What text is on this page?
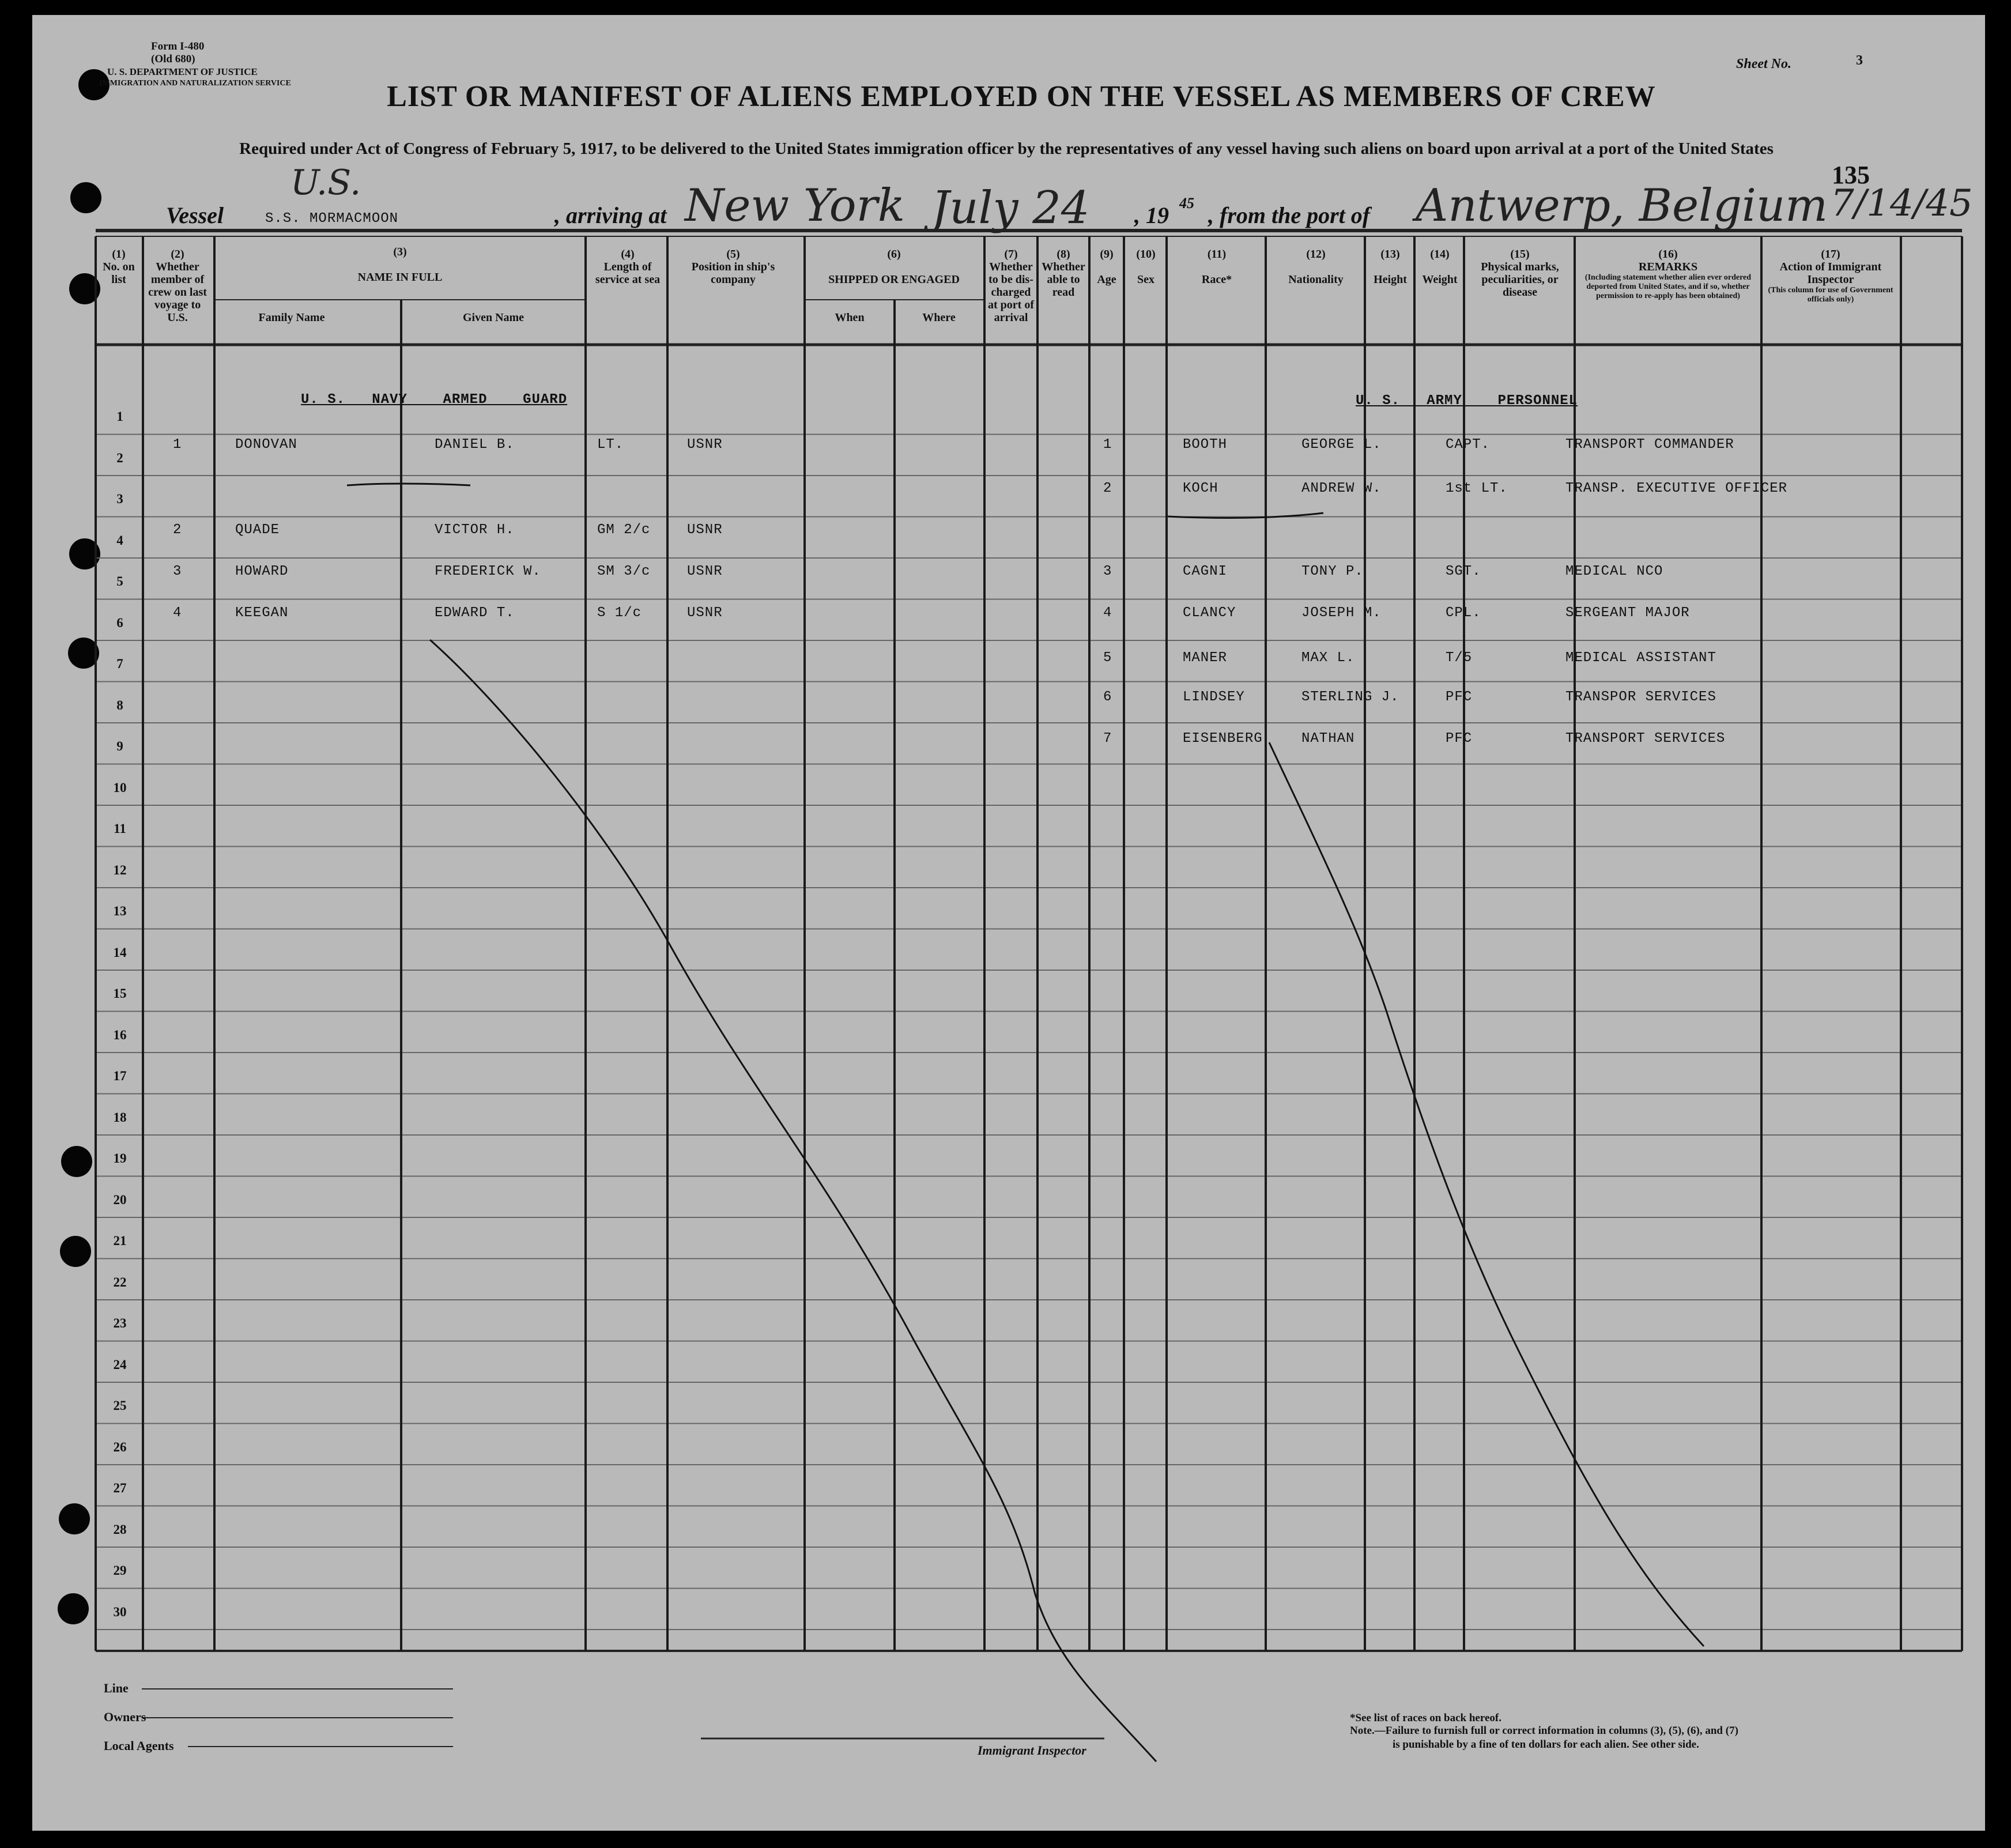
Form I-480
(Old 680)
U. S. DEPARTMENT OF JUSTICE
IMMIGRATION AND NATURALIZATION SERVICE
Sheet No.	3
LIST OR MANIFEST OF ALIENS EMPLOYED ON THE VESSEL AS MEMBERS OF CREW
Required under Act of Congress of February 5, 1917, to be delivered to the United States immigration officer by the representatives of any vessel having such aliens on board upon arrival at a port of the United States
135
Vessel
U.S.
S.S. MORMACMOON	, arriving at New York July 24 , 19 45 , from the port of Antwerp, Belgium 7/14/45
(1)
No. on list
(2)
Whether member of crew on last voyage to U.S.
(3)
NAME IN FULL
Family Name	Given Name
(4)
Length of service at sea
(5)
Position in ship's company
(6)
SHIPPED OR ENGAGED
When	Where
(7)
Whether to be dis-charged at port of arrival
(8)
Whether able to read
(9)
Age
(10)
Sex
(11)
Race*
(12)
Nationality
(13)
Height
(14)
Weight
(15)
Physical marks, peculiarities, or disease
(16)
REMARKS
(Including statement whether alien ever ordered deported from United States, and if so, whether permission to re-apply has been obtained)
(17)
Action of Immigrant Inspector
(This column for use of Government officials only)
1
2
3
4
5
6
7
8
9
10
11
12
13
14
15
16
17
18
19
20
21
22
23
24
25
26
27
28
29
30
U. S. NAVY	ARMED	GUARD	U. S. ARMY	PERSONNEL
1	DONOVAN	DANIEL B.	LT.	USNR
2	QUADE	VICTOR H.	GM 2/c	USNR
3	HOWARD	FREDERICK W.	SM 3/c	USNR
4	KEEGAN	EDWARD T.	S 1/c	USNR
1	BOOTH	GEORGE L.	CAPT.	TRANSPORT COMMANDER
2	KOCH	ANDREW W.	1st LT.	TRANSP. EXECUTIVE OFFICER
3	CAGNI	TONY P.	SGT.	MEDICAL NCO
4	CLANCY	JOSEPH M.	CPL.	SERGEANT MAJOR
5	MANER	MAX L.	T/5	MEDICAL ASSISTANT
6	LINDSEY	STERLING J.	PFC	TRANSPOR SERVICES
7	EISENBERG	NATHAN	PFC	TRANSPORT SERVICES
Line
Owners
Local Agents	Immigrant Inspector
*See list of races on back hereof.
Note.—Failure to furnish full or correct information in columns (3), (5), (6), and (7)
is punishable by a fine of ten dollars for each alien. See other side.
